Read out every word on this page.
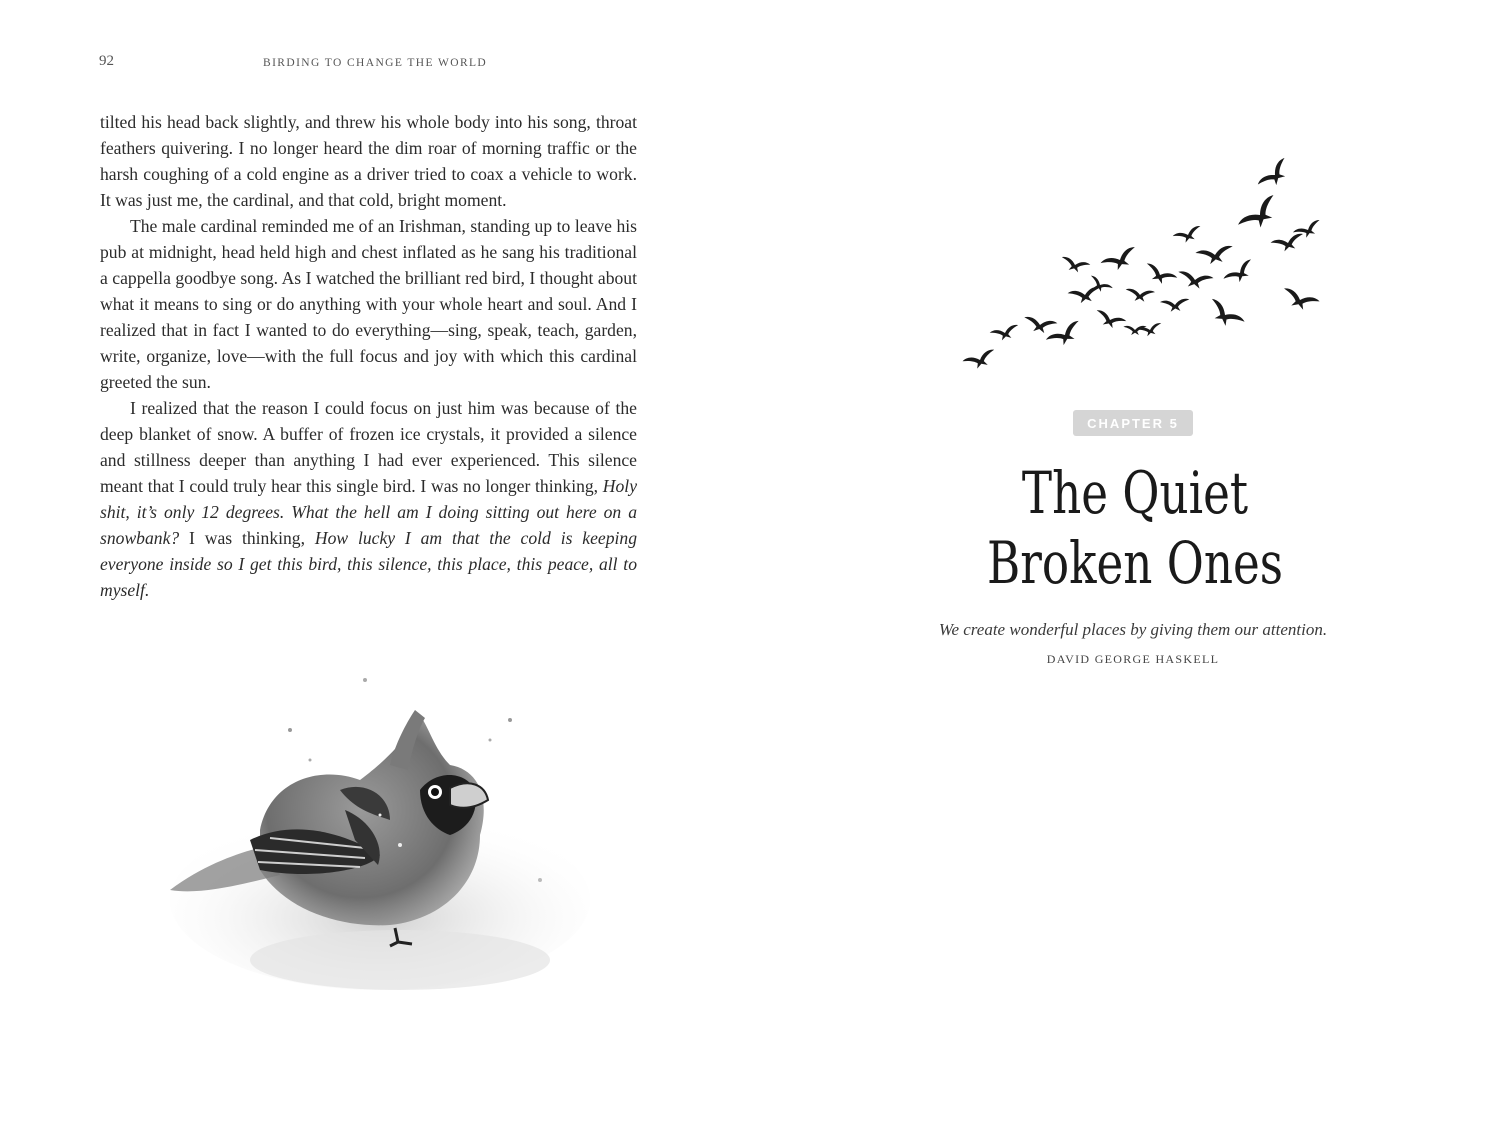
92	BIRDING TO CHANGE THE WORLD

tilted his head back slightly, and threw his whole body into his song, throat feathers quivering. I no longer heard the dim roar of morning traffic or the harsh coughing of a cold engine as a driver tried to coax a vehicle to work. It was just me, the cardinal, and that cold, bright moment.

The male cardinal reminded me of an Irishman, standing up to leave his pub at midnight, head held high and chest inflated as he sang his traditional a cappella goodbye song. As I watched the brilliant red bird, I thought about what it means to sing or do anything with your whole heart and soul. And I realized that in fact I wanted to do everything—sing, speak, teach, garden, write, organize, love—with the full focus and joy with which this cardinal greeted the sun.

I realized that the reason I could focus on just him was because of the deep blanket of snow. A buffer of frozen ice crystals, it provided a silence and stillness deeper than anything I had ever experienced. This silence meant that I could truly hear this single bird. I was no longer thinking, Holy shit, it’s only 12 degrees. What the hell am I doing sitting out here on a snowbank? I was thinking, How lucky I am that the cold is keeping everyone inside so I get this bird, this silence, this place, this peace, all to myself.

CHAPTER 5
The Quiet
Broken Ones
We create wonderful places by giving them our attention.
DAVID GEORGE HASKELL
